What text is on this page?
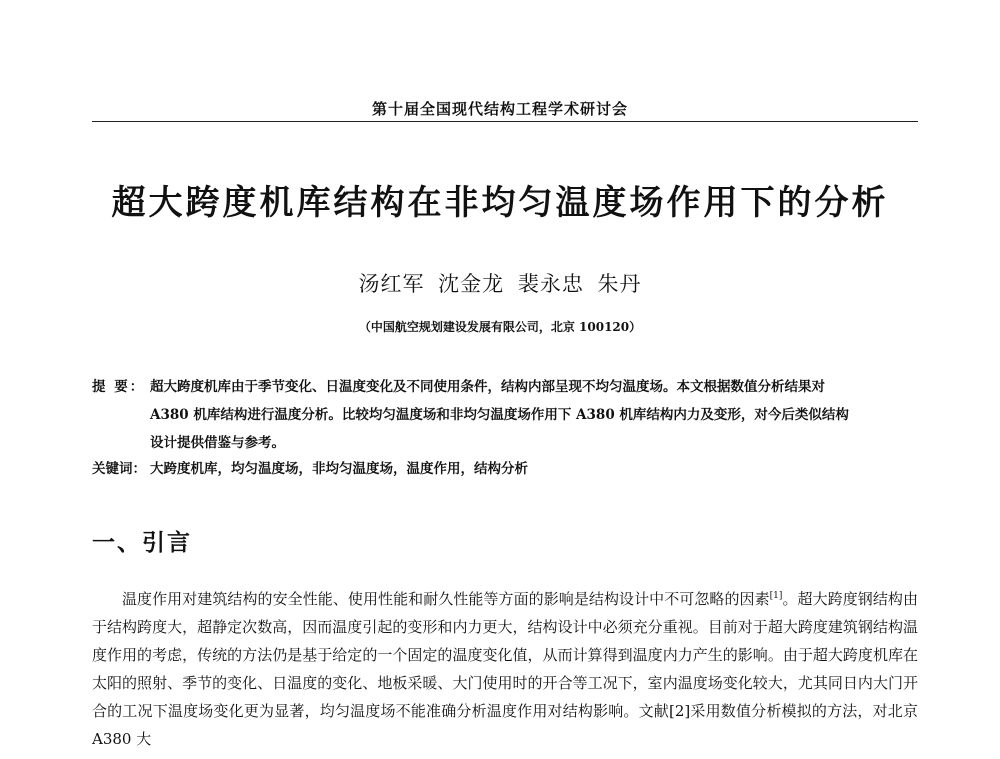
第十届全国现代结构工程学术研讨会
超大跨度机库结构在非均匀温度场作用下的分析
汤红军 沈金龙 裴永忠 朱丹
（中国航空规划建设发展有限公司，北京 100120）
提 要： 超大跨度机库由于季节变化、日温度变化及不同使用条件，结构内部呈现不均匀温度场。本文根据数值分析结果对
A380 机库结构进行温度分析。比较均匀温度场和非均匀温度场作用下 A380 机库结构内力及变形，对今后类似结构
设计提供借鉴与参考。
关键词： 大跨度机库，均匀温度场，非均匀温度场，温度作用，结构分析
一、引言

温度作用对建筑结构的安全性能、使用性能和耐久性能等方面的影响是结构设计中不可忽略的因素[1]。超大跨度钢结构由于结构跨度大，超静定次数高，因而温度引起的变形和内力更大，结构设计中必须充分重视。目前对于超大跨度建筑钢结构温度作用的考虑，传统的方法仍是基于给定的一个固定的温度变化值，从而计算得到温度内力产生的影响。由于超大跨度机库在太阳的照射、季节的变化、日温度的变化、地板采暖、大门使用时的开合等工况下，室内温度场变化较大，尤其同日内大门开合的工况下温度场变化更为显著，均匀温度场不能准确分析温度作用对结构影响。文献[2]采用数值分析模拟的方法，对北京 A380 大
